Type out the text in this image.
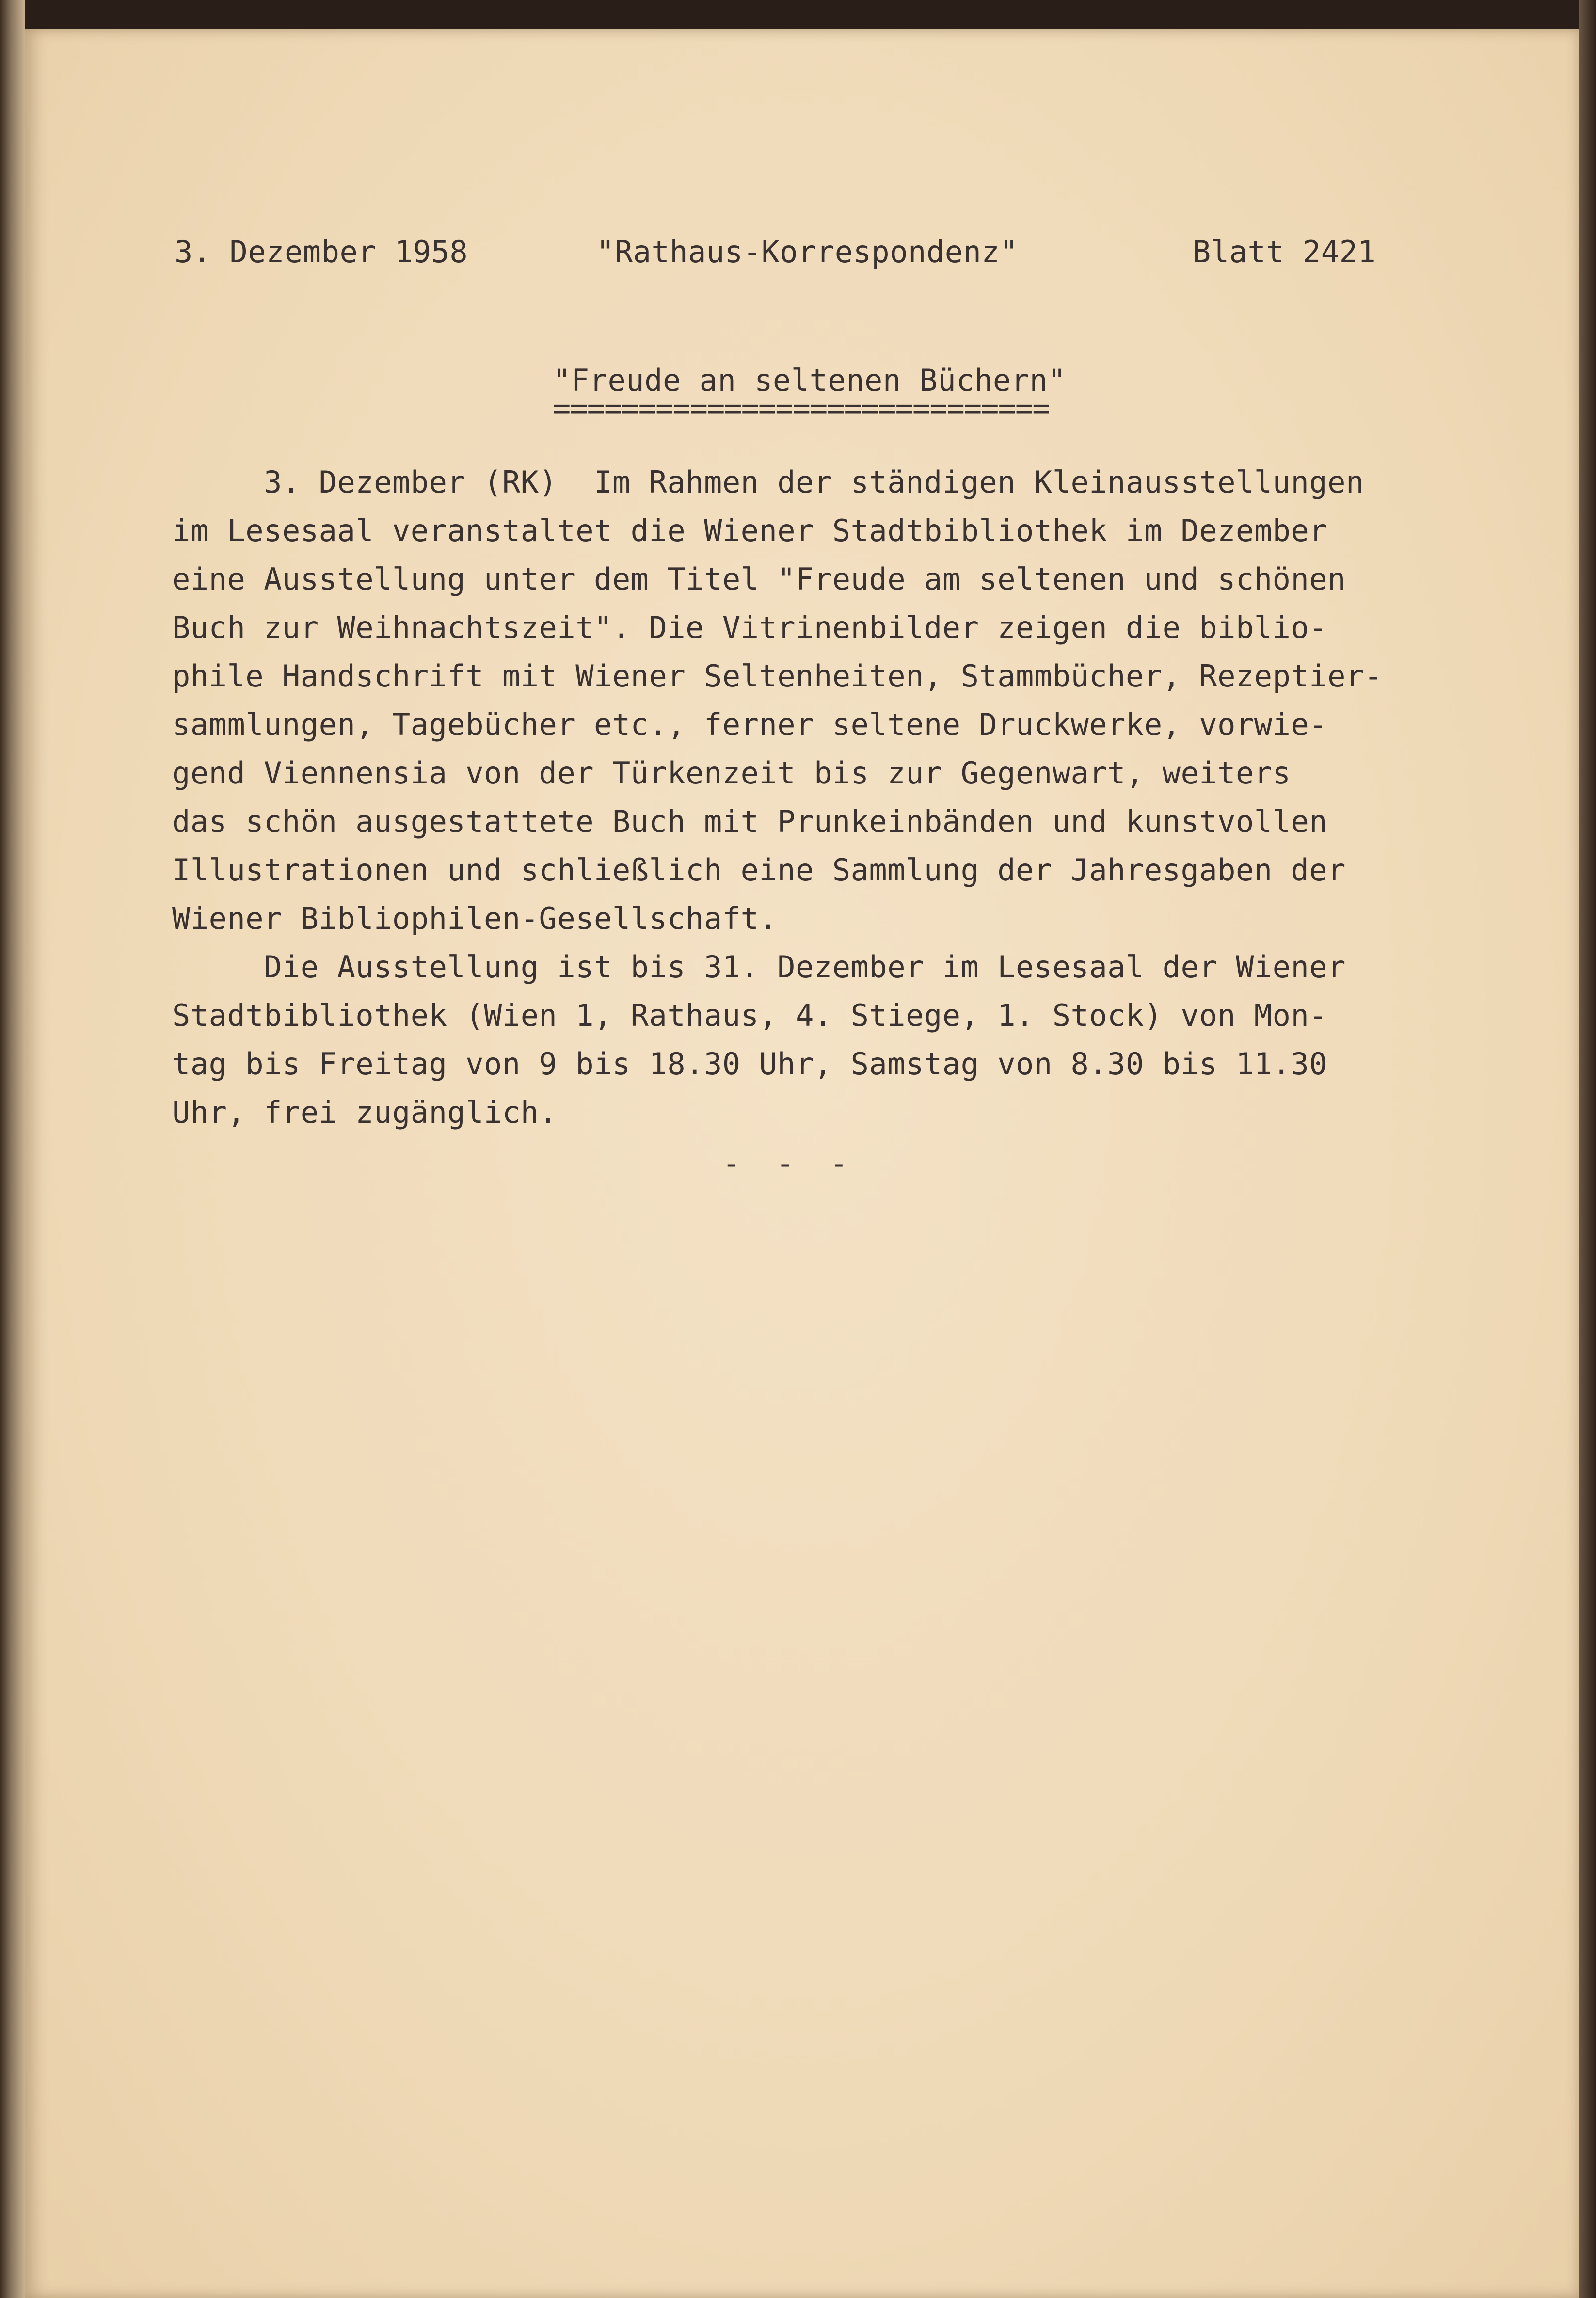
3. Dezember 1958	"Rathaus-Korrespondenz"	Blatt 2421
"Freude an seltenen Büchern"
=============================
3. Dezember (RK)  Im Rahmen der ständigen Kleinausstellungen
im Lesesaal veranstaltet die Wiener Stadtbibliothek im Dezember
eine Ausstellung unter dem Titel "Freude am seltenen und schönen
Buch zur Weihnachtszeit". Die Vitrinenbilder zeigen die biblio-
phile Handschrift mit Wiener Seltenheiten, Stammbücher, Rezeptier-
sammlungen, Tagebücher etc., ferner seltene Druckwerke, vorwie-
gend Viennensia von der Türkenzeit bis zur Gegenwart, weiters
das schön ausgestattete Buch mit Prunkeinbänden und kunstvollen
Illustrationen und schließlich eine Sammlung der Jahresgaben der
Wiener Bibliophilen-Gesellschaft.
Die Ausstellung ist bis 31. Dezember im Lesesaal der Wiener
Stadtbibliothek (Wien 1, Rathaus, 4. Stiege, 1. Stock) von Mon-
tag bis Freitag von 9 bis 18.30 Uhr, Samstag von 8.30 bis 11.30
Uhr, frei zugänglich.
- - -
